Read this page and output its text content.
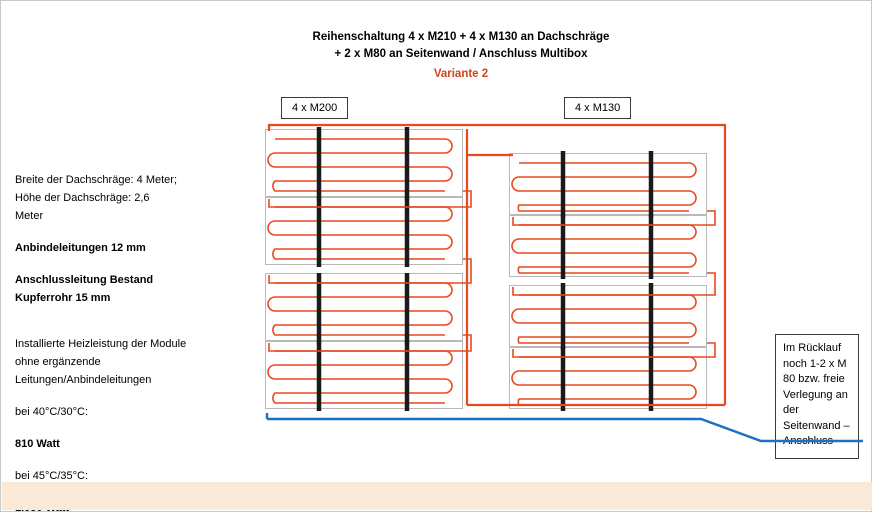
Reihenschaltung 4 x M210 + 4 x M130 an Dachschräge
+ 2 x M80 an Seitenwand / Anschluss Multibox
Variante 2
4 x M200	4 x M130
Im Rücklauf noch 1-2 x M 80 bzw. freie Verlegung an der Seitenwand – Anschluss

Breite der Dachschräge: 4 Meter;

Höhe der Dachschräge: 2,6

Meter

Anbindeleitungen 12 mm

Anschlussleitung Bestand

Kupferrohr 15 mm

Installierte Heizleistung der Module

ohne ergänzende

Leitungen/Anbindeleitungen

bei 40°C/30°C:

810 Watt

bei 45°C/35°C:
